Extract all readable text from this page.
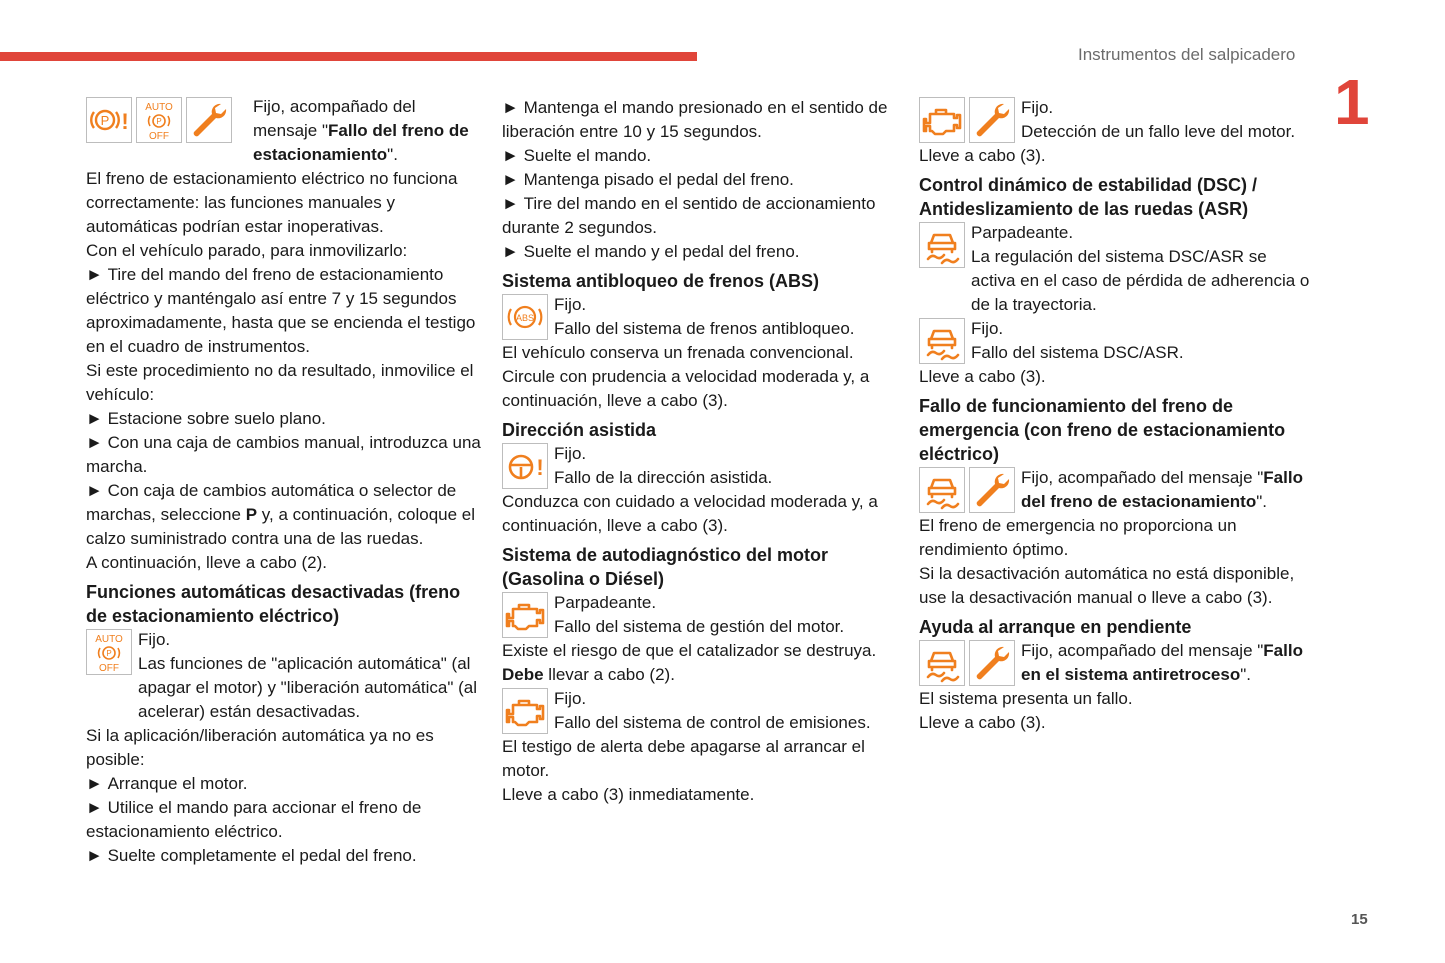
Instrumentos del salpicadero
1
15
AUTO
P
OFF

Fijo, acompañado del mensaje "Fallo del freno de estacionamiento".

El freno de estacionamiento eléctrico no funciona correctamente: las funciones manuales y automáticas podrían estar inoperativas.

Con el vehículo parado, para inmovilizarlo:

► Tire del mando del freno de estacionamiento eléctrico y manténgalo así entre 7 y 15 segundos aproximadamente, hasta que se encienda el testigo en el cuadro de instrumentos.

Si este procedimiento no da resultado, inmovilice el vehículo:

► Estacione sobre suelo plano.

► Con una caja de cambios manual, introduzca una marcha.

► Con caja de cambios automática o selector de marchas, seleccione P y, a continuación, coloque el calzo suministrado contra una de las ruedas.

A continuación, lleve a cabo (2).

Funciones automáticas desactivadas (freno de estacionamiento eléctrico)

AUTO
P
OFF
Fijo.
Las funciones de "aplicación automática" (al apagar el motor) y "liberación automática" (al acelerar) están desactivadas.

Si la aplicación/liberación automática ya no es posible:

► Arranque el motor.

► Utilice el mando para accionar el freno de estacionamiento eléctrico.

► Suelte completamente el pedal del freno.

► Mantenga el mando presionado en el sentido de liberación entre 10 y 15 segundos.

► Suelte el mando.

► Mantenga pisado el pedal del freno.

► Tire del mando en el sentido de accionamiento durante 2 segundos.

► Suelte el mando y el pedal del freno.

Sistema antibloqueo de frenos (ABS)

ABS
Fijo.
Fallo del sistema de frenos antibloqueo.

El vehículo conserva un frenada convencional. Circule con prudencia a velocidad moderada y, a continuación, lleve a cabo (3).

Dirección asistida

Fijo.
Fallo de la dirección asistida.

Conduzca con cuidado a velocidad moderada y, a continuación, lleve a cabo (3).

Sistema de autodiagnóstico del motor (Gasolina o Diésel)

Parpadeante.
Fallo del sistema de gestión del motor.

Existe el riesgo de que el catalizador se destruya.

Debe llevar a cabo (2).

Fijo.
Fallo del sistema de control de emisiones.

El testigo de alerta debe apagarse al arrancar el motor.

Lleve a cabo (3) inmediatamente.

Fijo.
Detección de un fallo leve del motor.

Lleve a cabo (3).

Control dinámico de estabilidad (DSC) / Antideslizamiento de las ruedas (ASR)

Parpadeante.
La regulación del sistema DSC/ASR se activa en el caso de pérdida de adherencia o de la trayectoria.
Fijo.
Fallo del sistema DSC/ASR.

Lleve a cabo (3).

Fallo de funcionamiento del freno de emergencia (con freno de estacionamiento eléctrico)

Fijo, acompañado del mensaje "Fallo del freno de estacionamiento".

El freno de emergencia no proporciona un rendimiento óptimo.

Si la desactivación automática no está disponible, use la desactivación manual o lleve a cabo (3).

Ayuda al arranque en pendiente

Fijo, acompañado del mensaje "Fallo en el sistema antiretroceso".

El sistema presenta un fallo.

Lleve a cabo (3).
